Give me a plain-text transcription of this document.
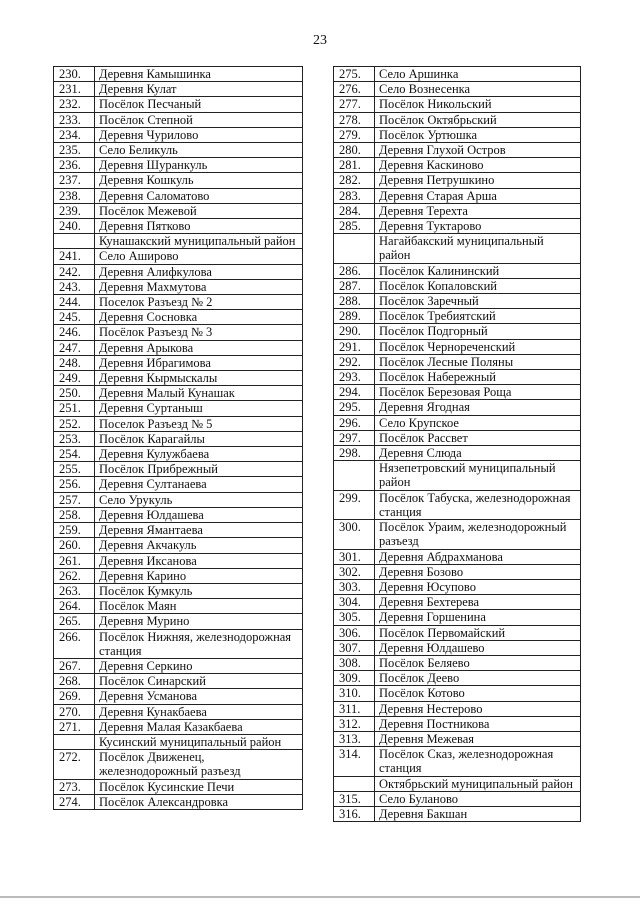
23
230.	Деревня Камышинка
231.	Деревня Кулат
232.	Посёлок Песчаный
233.	Посёлок Степной
234.	Деревня Чурилово
235.	Село Беликуль
236.	Деревня Шуранкуль
237.	Деревня Кошкуль
238.	Деревня Саломатово
239.	Посёлок Межевой
240.	Деревня Пятково
	Кунашакский муниципальный район
241.	Село Аширово
242.	Деревня Алифкулова
243.	Деревня Махмутова
244.	Поселок Разъезд № 2
245.	Деревня Сосновка
246.	Посёлок Разъезд № 3
247.	Деревня Арыкова
248.	Деревня Ибрагимова
249.	Деревня Кырмыскалы
250.	Деревня Малый Кунашак
251.	Деревня Суртаныш
252.	Поселок Разъезд № 5
253.	Посёлок Карагайлы
254.	Деревня Кулужбаева
255.	Посёлок Прибрежный
256.	Деревня Султанаева
257.	Село Урукуль
258.	Деревня Юлдашева
259.	Деревня Ямантаева
260.	Деревня Акчакуль
261.	Деревня Иксанова
262.	Деревня Карино
263.	Посёлок Кумкуль
264.	Посёлок Маян
265.	Деревня Мурино
266.	Посёлок Нижняя, железнодорожная станция
267.	Деревня Серкино
268.	Посёлок Синарский
269.	Деревня Усманова
270.	Деревня Кунакбаева
271.	Деревня Малая Казакбаева
	Кусинский муниципальный район
272.	Посёлок Движенец, железнодорожный разъезд
273.	Посёлок Кусинские Печи
274.	Посёлок Александровка
275.	Село Аршинка
276.	Село Вознесенка
277.	Посёлок Никольский
278.	Посёлок Октябрьский
279.	Посёлок Уртюшка
280.	Деревня Глухой Остров
281.	Деревня Каскиново
282.	Деревня Петрушкино
283.	Деревня Старая Арша
284.	Деревня Терехта
285.	Деревня Туктарово
	Нагайбакский муниципальный район
286.	Посёлок Калининский
287.	Посёлок Копаловский
288.	Посёлок Заречный
289.	Посёлок Требиятский
290.	Посёлок Подгорный
291.	Посёлок Чернореченский
292.	Посёлок Лесные Поляны
293.	Посёлок Набережный
294.	Посёлок Березовая Роща
295.	Деревня Ягодная
296.	Село Крупское
297.	Посёлок Рассвет
298.	Деревня Слюда
	Нязепетровский муниципальный район
299.	Посёлок Табуска, железнодорожная станция
300.	Посёлок Ураим, железнодорожный разъезд
301.	Деревня Абдрахманова
302.	Деревня Бозово
303.	Деревня Юсупово
304.	Деревня Бехтерева
305.	Деревня Горшенина
306.	Посёлок Первомайский
307.	Деревня Юлдашево
308.	Посёлок Беляево
309.	Посёлок Деево
310.	Посёлок Котово
311.	Деревня Нестерово
312.	Деревня Постникова
313.	Деревня Межевая
314.	Посёлок Сказ, железнодорожная станция
	Октябрьский муниципальный район
315.	Село Буланово
316.	Деревня Бакшан
